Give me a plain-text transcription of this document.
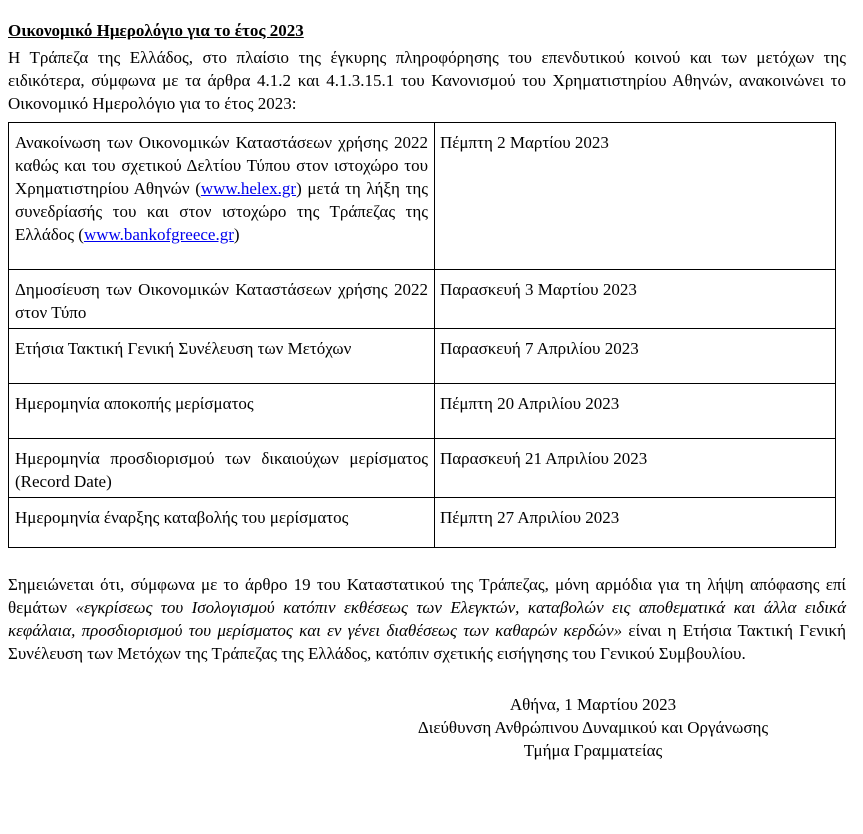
Οικονομικό Ημερολόγιο για το έτος 2023
Η Τράπεζα της Ελλάδος, στο πλαίσιο της έγκυρης πληροφόρησης του επενδυτικού κοινού και των μετόχων της ειδικότερα, σύμφωνα με τα άρθρα 4.1.2 και 4.1.3.15.1 του Κανονισμού του Χρηματιστηρίου Αθηνών, ανακοινώνει το Οικονομικό Ημερολόγιο για το έτος 2023:
Ανακοίνωση των Οικονομικών Καταστάσεων χρήσης 2022 καθώς και του σχετικού Δελτίου Τύπου στον ιστοχώρο του Χρηματιστηρίου Αθηνών (www.helex.gr) μετά τη λήξη της συνεδρίασής του και στον ιστοχώρο της Τράπεζας της Ελλάδος (www.bankofgreece.gr)	Πέμπτη 2 Μαρτίου 2023
Δημοσίευση των Οικονομικών Καταστάσεων χρήσης 2022 στον Τύπο	Παρασκευή 3 Μαρτίου 2023
Ετήσια Τακτική Γενική Συνέλευση των Μετόχων	Παρασκευή 7 Απριλίου 2023
Ημερομηνία αποκοπής μερίσματος	Πέμπτη 20 Απριλίου 2023
Ημερομηνία προσδιορισμού των δικαιούχων μερίσματος (Record Date)	Παρασκευή 21 Απριλίου 2023
Ημερομηνία έναρξης καταβολής του μερίσματος	Πέμπτη 27 Απριλίου 2023
Σημειώνεται ότι, σύμφωνα με το άρθρο 19 του Καταστατικού της Τράπεζας, μόνη αρμόδια για τη λήψη απόφασης επί θεμάτων «εγκρίσεως του Ισολογισμού κατόπιν εκθέσεως των Ελεγκτών, καταβολών εις αποθεματικά και άλλα ειδικά κεφάλαια, προσδιορισμού του μερίσματος και εν γένει διαθέσεως των καθαρών κερδών» είναι η Ετήσια Τακτική Γενική Συνέλευση των Μετόχων της Τράπεζας της Ελλάδος, κατόπιν σχετικής εισήγησης του Γενικού Συμβουλίου.
Αθήνα, 1 Μαρτίου 2023
Διεύθυνση Ανθρώπινου Δυναμικού και Οργάνωσης
Τμήμα Γραμματείας
